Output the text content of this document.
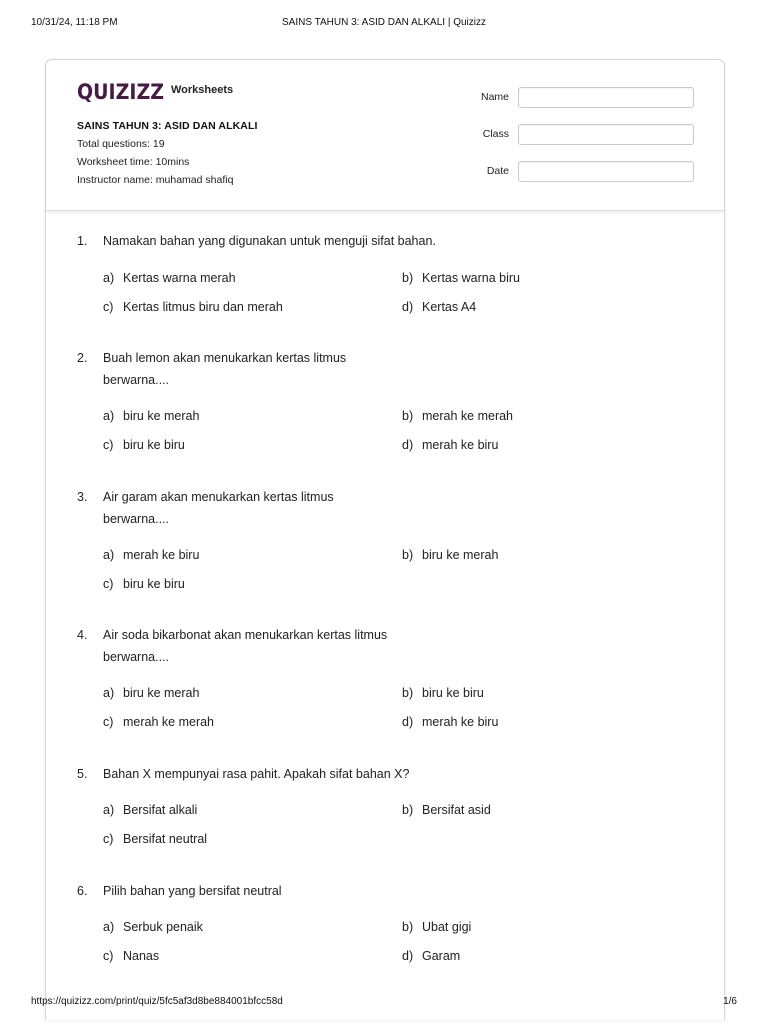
10/31/24, 11:18 PM	SAINS TAHUN 3: ASID DAN ALKALI | Quizizz
QUIZIZZ Worksheets
SAINS TAHUN 3: ASID DAN ALKALI
Total questions: 19
Worksheet time: 10mins
Instructor name: muhamad shafiq
Name
Class
Date
1. Namakan bahan yang digunakan untuk menguji sifat bahan.
a) Kertas warna merah	b) Kertas warna biru
c) Kertas litmus biru dan merah	d) Kertas A4
2. Buah lemon akan menukarkan kertas litmus berwarna....
a) biru ke merah	b) merah ke merah
c) biru ke biru	d) merah ke biru
3. Air garam akan menukarkan kertas litmus berwarna....
a) merah ke biru	b) biru ke merah
c) biru ke biru
4. Air soda bikarbonat akan menukarkan kertas litmus berwarna....
a) biru ke merah	b) biru ke biru
c) merah ke merah	d) merah ke biru
5. Bahan X mempunyai rasa pahit. Apakah sifat bahan X?
a) Bersifat alkali	b) Bersifat asid
c) Bersifat neutral
6. Pilih bahan yang bersifat neutral
a) Serbuk penaik	b) Ubat gigi
c) Nanas	d) Garam
https://quizizz.com/print/quiz/5fc5af3d8be884001bfcc58d	1/6
